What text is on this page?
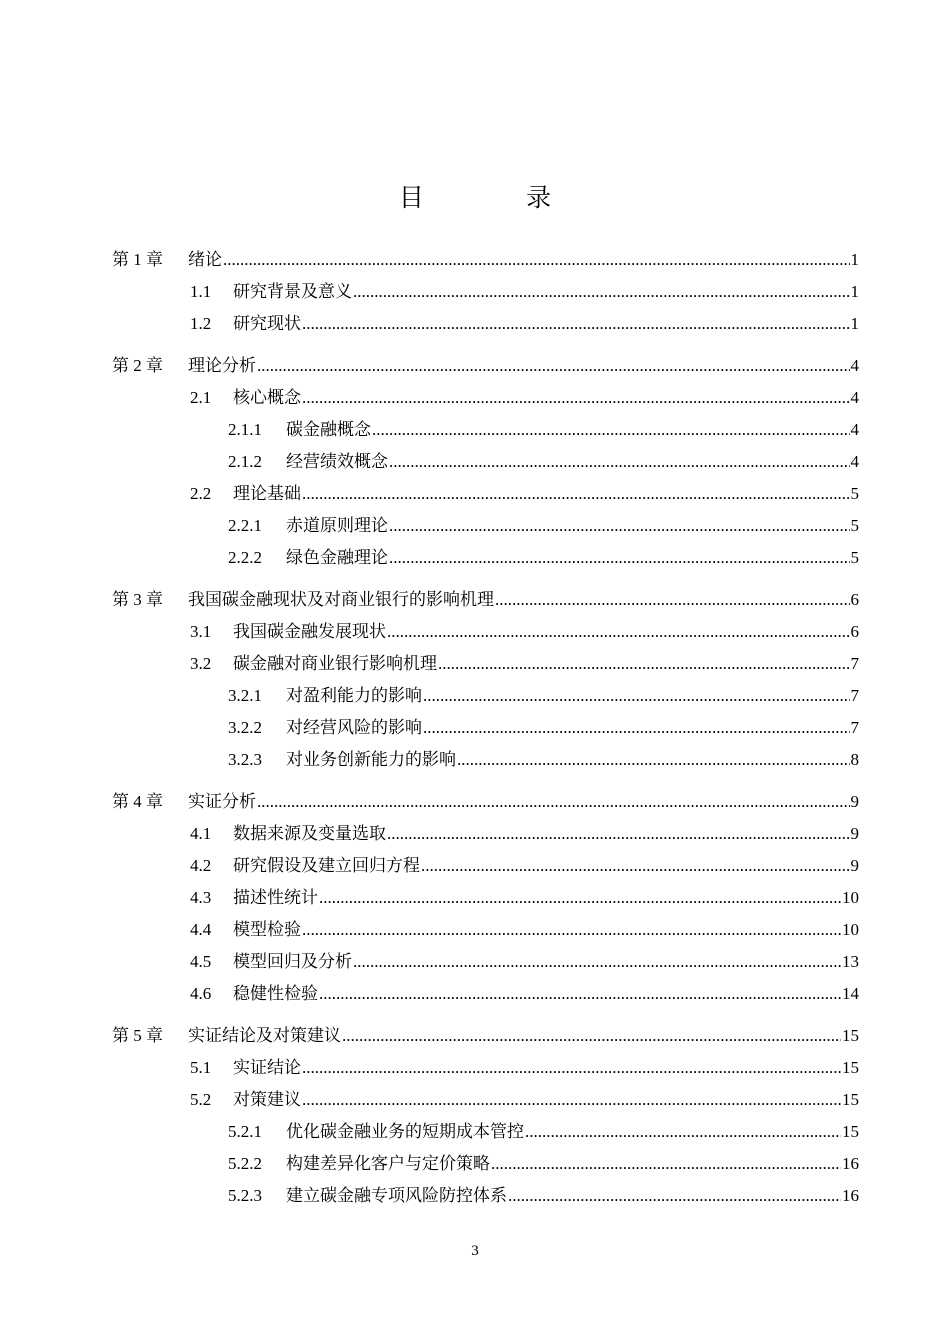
目 录
第 1 章	绪论 .....	1
1.1	研究背景及意义 .....	1
1.2	研究现状 .....	1
第 2 章	理论分析 .....	4
2.1	核心概念 .....	4
2.1.1	碳金融概念 .....	4
2.1.2	经营绩效概念 .....	4
2.2	理论基础 .....	5
2.2.1	赤道原则理论 .....	5
2.2.2	绿色金融理论 .....	5
第 3 章	我国碳金融现状及对商业银行的影响机理 .....	6
3.1	我国碳金融发展现状 .....	6
3.2	碳金融对商业银行影响机理 .....	7
3.2.1	对盈利能力的影响 .....	7
3.2.2	对经营风险的影响 .....	7
3.2.3	对业务创新能力的影响 .....	8
第 4 章	实证分析 .....	9
4.1	数据来源及变量选取 .....	9
4.2	研究假设及建立回归方程 .....	9
4.3	描述性统计 .....	10
4.4	模型检验 .....	10
4.5	模型回归及分析 .....	13
4.6	稳健性检验 .....	14
第 5 章	实证结论及对策建议 .....	15
5.1	实证结论 .....	15
5.2	对策建议 .....	15
5.2.1	优化碳金融业务的短期成本管控 .....	15
5.2.2	构建差异化客户与定价策略 .....	16
5.2.3	建立碳金融专项风险防控体系 .....	16
3
